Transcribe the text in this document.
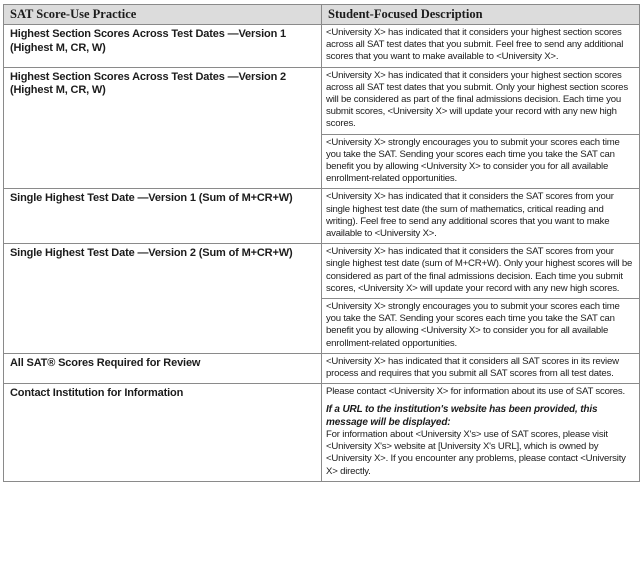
SAT Score-Use Practice	Student-Focused Description
Highest Section Scores Across Test Dates —Version 1 (Highest M, CR, W)	<University X> has indicated that it considers your highest section scores across all SAT test dates that you submit. Feel free to send any additional scores that you want to make available to <University X>.

Highest Section Scores Across Test Dates —Version 2 (Highest M, CR, W)	<University X> has indicated that it considers your highest section scores across all SAT test dates that you submit. Only your highest section scores will be considered as part of the final admissions decision. Each time you submit scores, <University X> will update your record with any new high scores.
<University X> strongly encourages you to submit your scores each time you take the SAT. Sending your scores each time you take the SAT can benefit you by allowing <University X> to consider you for all available enrollment-related opportunities.

Single Highest Test Date —Version 1 (Sum of M+CR+W)	<University X> has indicated that it considers the SAT scores from your single highest test date (the sum of mathematics, critical reading and writing). Feel free to send any additional scores that you want to make available to <University X>.

Single Highest Test Date —Version 2 (Sum of M+CR+W)	<University X> has indicated that it considers the SAT scores from your single highest test date (sum of M+CR+W). Only your highest scores will be considered as part of the final admissions decision. Each time you submit scores, <University X> will update your record with any new high scores.
<University X> strongly encourages you to submit your scores each time you take the SAT. Sending your scores each time you take the SAT can benefit you by allowing <University X> to consider you for all available enrollment-related opportunities.

All SAT® Scores Required for Review	<University X> has indicated that it considers all SAT scores in its review process and requires that you submit all SAT scores from all test dates.

Contact Institution for Information	Please contact <University X> for information about its use of SAT scores.
If a URL to the institution's website has been provided, this message will be displayed:
For information about <University X's> use of SAT scores, please visit <University X's> website at [University X's URL], which is owned by <University X>. If you encounter any problems, please contact <University X> directly.
